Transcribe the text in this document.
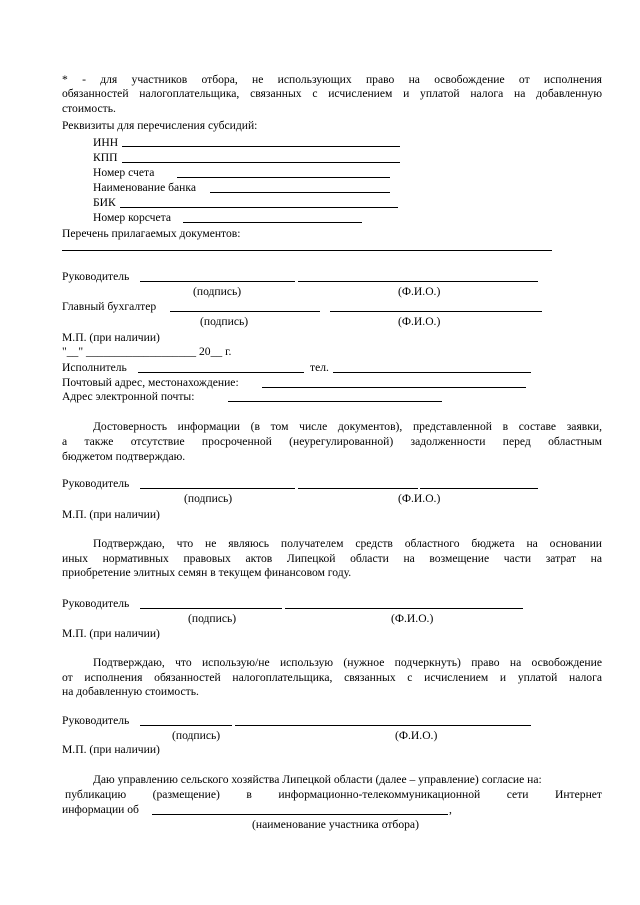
* - для участников отбора, не использующих право на освобождение от исполнения
обязанностей налогоплательщика, связанных с исчислением и уплатой налога на добавленную
стоимость.
Реквизиты для перечисления субсидий:
ИНН
КПП
Номер счета
Наименование банка
БИК
Номер корсчета
Перечень прилагаемых документов:
Руководитель
(подпись)	(Ф.И.О.)
Главный бухгалтер
(подпись)	(Ф.И.О.)
М.П. (при наличии)
"__" ___________________ 20__ г.
Исполнитель	тел.
Почтовый адрес, местонахождение:
Адрес электронной почты:
Достоверность информации (в том числе документов), представленной в составе заявки,
а также отсутствие просроченной (неурегулированной) задолженности перед областным
бюджетом подтверждаю.
Руководитель
(подпись)	(Ф.И.О.)
М.П. (при наличии)
Подтверждаю, что не являюсь получателем средств областного бюджета на основании
иных нормативных правовых актов Липецкой области на возмещение части затрат на
приобретение элитных семян в текущем финансовом году.
Руководитель
(подпись)	(Ф.И.О.)
М.П. (при наличии)
Подтверждаю, что использую/не использую (нужное подчеркнуть) право на освобождение
от исполнения обязанностей налогоплательщика, связанных с исчислением и уплатой налога
на добавленную стоимость.
Руководитель
(подпись)	(Ф.И.О.)
М.П. (при наличии)
Даю управлению сельского хозяйства Липецкой области (далее – управление) согласие на:
публикацию (размещение) в информационно-телекоммуникационной сети Интернет
информации об	,
(наименование участника отбора)
